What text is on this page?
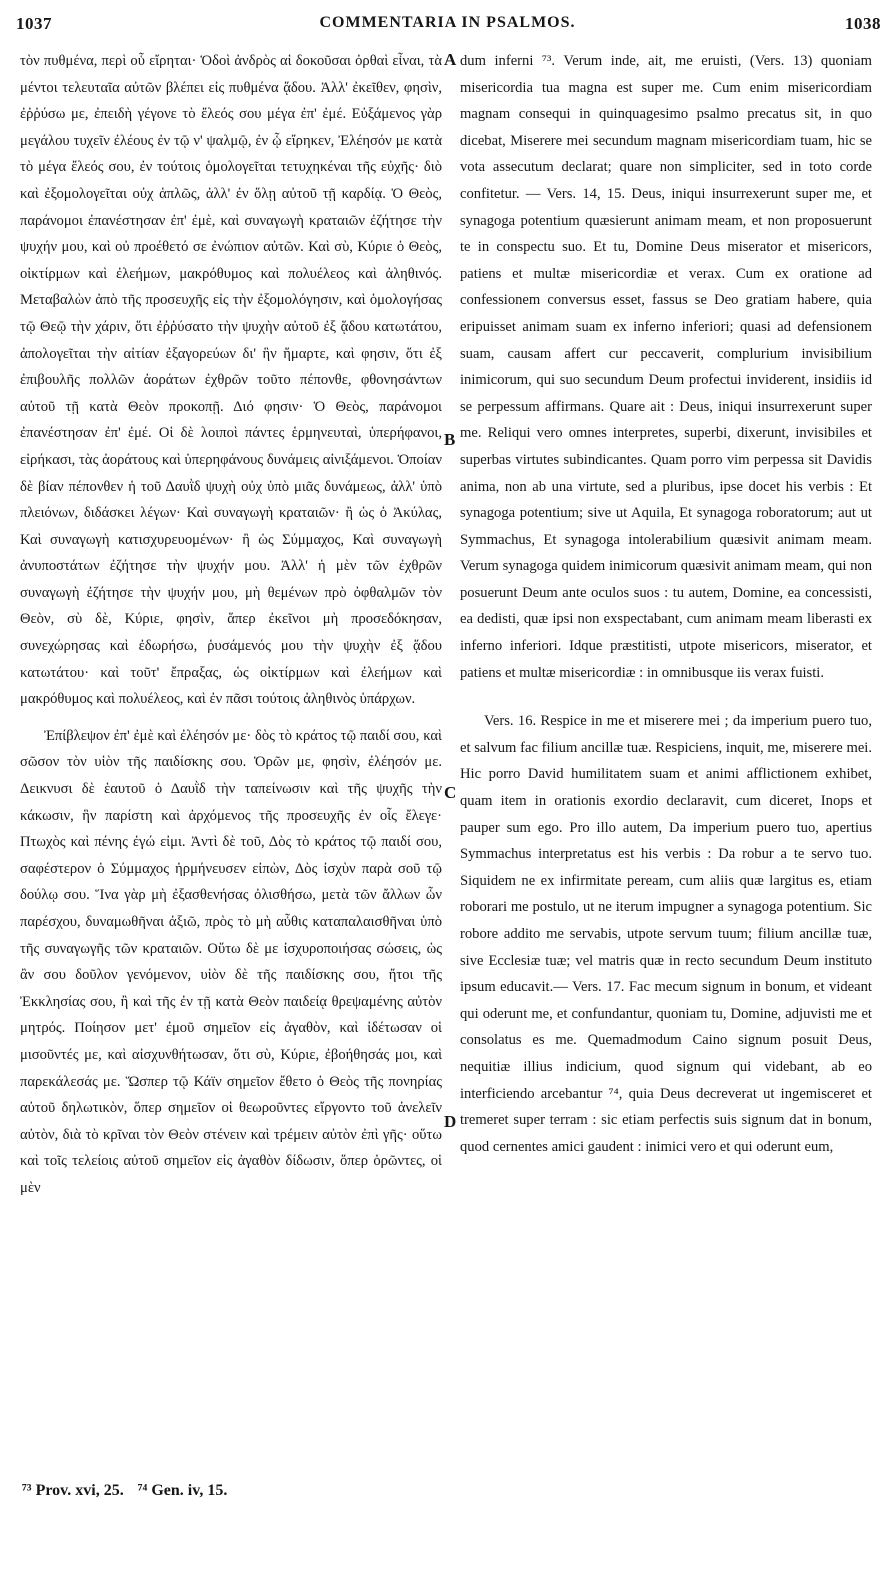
1037	COMMENTARIA IN PSALMOS.	1038

τὸν πυθμένα, περὶ οὗ εἴρηται· Ὁδοὶ ἀνδρὸς αἱ δοκοῦσαι ὀρθαὶ εἶναι, τὰ μέντοι τελευταῖα αὐτῶν βλέπει εἰς πυθμένα ᾅδου. Ἀλλ' ἐκεῖθεν, φησὶν, ἐῤῥύσω με, ἐπειδὴ γέγονε τὸ ἔλεός σου μέγα ἐπ' ἐμέ. Εὐξάμενος γὰρ μεγάλου τυχεῖν ἐλέους ἐν τῷ ν' ψαλμῷ, ἐν ᾧ εἴρηκεν, Ἐλέησόν με κατὰ τὸ μέγα ἔλεός σου, ἐν τούτοις ὁμολογεῖται τετυχηκέναι τῆς εὐχῆς· διὸ καὶ ἐξομολογεῖται οὐχ ἁπλῶς, ἀλλ' ἐν ὅλῃ αὐτοῦ τῇ καρδίᾳ. Ὁ Θεὸς, παράνομοι ἐπανέστησαν ἐπ' ἐμὲ, καὶ συναγωγὴ κραταιῶν ἐζήτησε τὴν ψυχήν μου, καὶ οὐ προέθετό σε ἐνώπιον αὐτῶν. Καὶ σὺ, Κύριε ὁ Θεὸς, οἰκτίρμων καὶ ἐλεήμων, μακρόθυμος καὶ πολυέλεος καὶ ἀληθινός. Μεταβαλὼν ἀπὸ τῆς προσευχῆς εἰς τὴν ἐξομολόγησιν, καὶ ὁμολογήσας τῷ Θεῷ τὴν χάριν, ὅτι ἐῤῥύσατο τὴν ψυχὴν αὐτοῦ ἐξ ᾅδου κατωτάτου, ἀπολογεῖται τὴν αἰτίαν ἐξαγορεύων δι' ἣν ἥμαρτε, καὶ φησιν, ὅτι ἐξ ἐπιβουλῆς πολλῶν ἀοράτων ἐχθρῶν τοῦτο πέπονθε, φθονησάντων αὐτοῦ τῇ κατὰ Θεὸν προκοπῇ. Διό φησιν· Ὁ Θεὸς, παράνομοι ἐπανέστησαν ἐπ' ἐμέ. Οἱ δὲ λοιποὶ πάντες ἑρμηνευταὶ, ὑπερήφανοι, εἰρήκασι, τὰς ἀοράτους καὶ ὑπερηφάνους δυνάμεις αἰνιξάμενοι. Ὁποίαν δὲ βίαν πέπονθεν ἡ τοῦ Δαυῒδ ψυχὴ οὐχ ὑπὸ μιᾶς δυνάμεως, ἀλλ' ὑπὸ πλειόνων, διδάσκει λέγων· Καὶ συναγωγὴ κραταιῶν· ἢ ὡς ὁ Ἀκύλας, Καὶ συναγωγὴ κατισχυρευομένων· ἢ ὡς Σύμμαχος, Καὶ συναγωγὴ ἀνυποστάτων ἐζήτησε τὴν ψυχήν μου. Ἀλλ' ἡ μὲν τῶν ἐχθρῶν συναγωγὴ ἐζήτησε τὴν ψυχήν μου, μὴ θεμένων πρὸ ὀφθαλμῶν τὸν Θεὸν, σὺ δὲ, Κύριε, φησὶν, ἅπερ ἐκεῖνοι μὴ προσεδόκησαν, συνεχώρησας καὶ ἐδωρήσω, ῥυσάμενός μου τὴν ψυχὴν ἐξ ᾅδου κατωτάτου· καὶ τοῦτ' ἔπραξας, ὡς οἰκτίρμων καὶ ἐλεήμων καὶ μακρόθυμος καὶ πολυέλεος, καὶ ἐν πᾶσι τούτοις ἀληθινὸς ὑπάρχων.

Ἐπίβλεψον ἐπ' ἐμὲ καὶ ἐλέησόν με· δὸς τὸ κράτος τῷ παιδί σου, καὶ σῶσον τὸν υἱὸν τῆς παιδίσκης σου. Ὁρῶν με, φησὶν, ἐλέησόν με. Δεικνυσι δὲ ἑαυτοῦ ὁ Δαυῒδ τὴν ταπείνωσιν καὶ τῆς ψυχῆς τὴν κάκωσιν, ἣν παρίστη καὶ ἀρχόμενος τῆς προσευχῆς ἐν οἷς ἔλεγε· Πτωχὸς καὶ πένης ἐγώ εἰμι. Ἀντὶ δὲ τοῦ, Δὸς τὸ κράτος τῷ παιδί σου, σαφέστερον ὁ Σύμμαχος ἡρμήνευσεν εἰπὼν, Δὸς ἰσχὺν παρὰ σοῦ τῷ δούλῳ σου. Ἵνα γὰρ μὴ ἐξασθενήσας ὀλισθήσω, μετὰ τῶν ἄλλων ὧν παρέσχου, δυναμωθῆναι ἀξιῶ, πρὸς τὸ μὴ αὖθις καταπαλαισθῆναι ὑπὸ τῆς συναγωγῆς τῶν κραταιῶν. Οὕτω δὲ με ἰσχυροποιήσας σώσεις, ὡς ἂν σου δοῦλον γενόμενον, υἱὸν δὲ τῆς παιδίσκης σου, ἤτοι τῆς Ἐκκλησίας σου, ἢ καὶ τῆς ἐν τῇ κατὰ Θεὸν παιδείᾳ θρεψαμένης αὐτὸν μητρός. Ποίησον μετ' ἐμοῦ σημεῖον εἰς ἀγαθὸν, καὶ ἰδέτωσαν οἱ μισοῦντές με, καὶ αἰσχυνθήτωσαν, ὅτι σὺ, Κύριε, ἐβοήθησάς μοι, καὶ παρεκάλεσάς με. Ὥσπερ τῷ Κάϊν σημεῖον ἔθετο ὁ Θεὸς τῆς πονηρίας αὐτοῦ δηλωτικὸν, ὅπερ σημεῖον οἱ θεωροῦντες εἴργοντο τοῦ ἀνελεῖν αὐτὸν, διὰ τὸ κρῖναι τὸν Θεὸν στένειν καὶ τρέμειν αὐτὸν ἐπὶ γῆς· οὕτω καὶ τοῖς τελείοις αὐτοῦ σημεῖον εἰς ἀγαθὸν δίδωσιν, ὅπερ ὁρῶντες, οἱ μὲν

dum inferni ⁷³. Verum inde, ait, me eruisti, (Vers. 13) quoniam misericordia tua magna est super me. Cum enim misericordiam magnam consequi in quinquagesimo psalmo precatus sit, in quo dicebat, Miserere mei secundum magnam misericordiam tuam, hic se vota assecutum declarat; quare non simpliciter, sed in toto corde confitetur. — Vers. 14, 15. Deus, iniqui insurrexerunt super me, et synagoga potentium quæsierunt animam meam, et non proposuerunt te in conspectu suo. Et tu, Domine Deus miserator et misericors, patiens et multæ misericordiæ et verax. Cum ex oratione ad confessionem conversus esset, fassus se Deo gratiam habere, quia eripuisset animam suam ex inferno inferiori; quasi ad defensionem suam, causam affert cur peccaverit, complurium invisibilium inimicorum, qui suo secundum Deum profectui inviderent, insidiis id se perpessum affirmans. Quare ait : Deus, iniqui insurrexerunt super me. Reliqui vero omnes interpretes, superbi, dixerunt, invisibiles et superbas virtutes subindicantes. Quam porro vim perpessa sit Davidis anima, non ab una virtute, sed a pluribus, ipse docet his verbis : Et synagoga potentium; sive ut Aquila, Et synagoga roboratorum; aut ut Symmachus, Et synagoga intolerabilium quæsivit animam meam. Verum synagoga quidem inimicorum quæsivit animam meam, qui non posuerunt Deum ante oculos suos : tu autem, Domine, ea concessisti, ea dedisti, quæ ipsi non exspectabant, cum animam meam liberasti ex inferno inferiori. Idque præstitisti, utpote misericors, miserator, et patiens et multæ misericordiæ : in omnibusque iis verax fuisti.

Vers. 16. Respice in me et miserere mei ; da imperium puero tuo, et salvum fac filium ancillæ tuæ. Respiciens, inquit, me, miserere mei. Hic porro David humilitatem suam et animi afflictionem exhibet, quam item in orationis exordio declaravit, cum diceret, Inops et pauper sum ego. Pro illo autem, Da imperium puero tuo, apertius Symmachus interpretatus est his verbis : Da robur a te servo tuo. Siquidem ne ex infirmitate peream, cum aliis quæ largitus es, etiam roborari me postulo, ut ne iterum impugner a synagoga potentium. Sic robore addito me servabis, utpote servum tuum; filium ancillæ tuæ, sive Ecclesiæ tuæ; vel matris quæ in recto secundum Deum instituto ipsum educavit.— Vers. 17. Fac mecum signum in bonum, et videant qui oderunt me, et confundantur, quoniam tu, Domine, adjuvisti me et consolatus es me. Quemadmodum Caino signum posuit Deus, nequitiæ illius indicium, quod signum qui videbant, ab eo interficiendo arcebantur ⁷⁴, quia Deus decreverat ut ingemisceret et tremeret super terram : sic etiam perfectis suis signum dat in bonum, quod cernentes amici gaudent : inimici vero et qui oderunt eum,

A
B
C
D
⁷³ Prov. xvi, 25. ⁷⁴ Gen. iv, 15.
